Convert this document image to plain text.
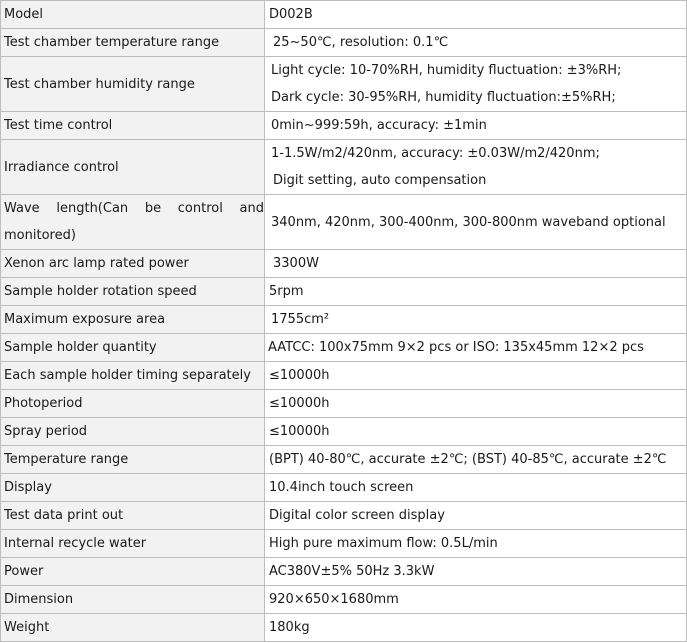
Model	D002B

Test chamber temperature range	25~50℃, resolution: 0.1℃

Test chamber humidity range	Light cycle: 10-70%RH, humidity fluctuation: ±3%RH;
Dark cycle: 30-95%RH, humidity fluctuation:±5%RH;

Test time control	0min~999:59h, accuracy: ±1min

Irradiance control	1-1.5W/m2/420nm, accuracy: ±0.03W/m2/420nm;
Digit setting, auto compensation

Wave length(Can be control and monitored)	340nm, 420nm, 300-400nm, 300-800nm waveband optional

Xenon arc lamp rated power	3300W

Sample holder rotation speed	5rpm

Maximum exposure area	1755cm²

Sample holder quantity	AATCC: 100x75mm 9×2 pcs or ISO: 135x45mm 12×2 pcs

Each sample holder timing separately	≤10000h

Photoperiod	≤10000h

Spray period	≤10000h

Temperature range	(BPT) 40-80℃, accurate ±2℃; (BST) 40-85℃, accurate ±2℃

Display	10.4inch touch screen

Test data print out	Digital color screen display

Internal recycle water	High pure maximum flow: 0.5L/min

Power	AC380V±5% 50Hz 3.3kW

Dimension	920×650×1680mm

Weight	180kg
